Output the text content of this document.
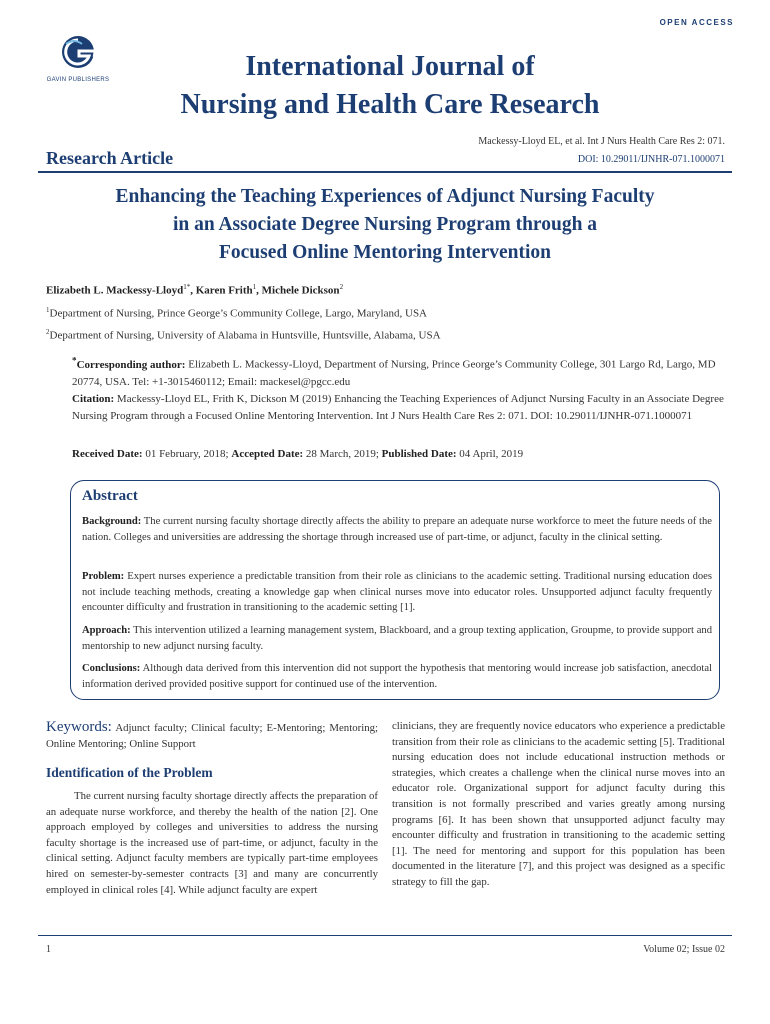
OPEN ACCESS
GAVIN PUBLISHERS	International Journal of
Nursing and Health Care Research
Mackessy-Lloyd EL, et al. Int J Nurs Health Care Res 2: 071.
Research Article	DOI: 10.29011/IJNHR-071.1000071
Enhancing the Teaching Experiences of Adjunct Nursing Faculty
in an Associate Degree Nursing Program through a
Focused Online Mentoring Intervention
Elizabeth L. Mackessy-Lloyd$^{1*}$, Karen Frith$^1$, Michele Dickson$^2$
$^1$Department of Nursing, Prince George’s Community College, Largo, Maryland, USA
$^2$Department of Nursing, University of Alabama in Huntsville, Huntsville, Alabama, USA
*Corresponding author: Elizabeth L. Mackessy-Lloyd, Department of Nursing, Prince George’s Community College, 301 Largo Rd, Largo, MD 20774, USA. Tel: +1-3015460112; Email: mackesel@pgcc.edu
Citation: Mackessy-Lloyd EL, Frith K, Dickson M (2019) Enhancing the Teaching Experiences of Adjunct Nursing Faculty in an Associate Degree Nursing Program through a Focused Online Mentoring Intervention. Int J Nurs Health Care Res 2: 071. DOI: 10.29011/IJNHR-071.1000071
Received Date: 01 February, 2018; Accepted Date: 28 March, 2019; Published Date: 04 April, 2019
Abstract
Background: The current nursing faculty shortage directly affects the ability to prepare an adequate nurse workforce to meet the future needs of the nation. Colleges and universities are addressing the shortage through increased use of part-time, or adjunct, faculty in the clinical setting.
Problem: Expert nurses experience a predictable transition from their role as clinicians to the academic setting. Traditional nursing education does not include teaching methods, creating a knowledge gap when clinical nurses move into educator roles. Unsupported adjunct faculty frequently encounter difficulty and frustration in transitioning to the academic setting [1].
Approach: This intervention utilized a learning management system, Blackboard, and a group texting application, Groupme, to provide support and mentorship to new adjunct nursing faculty.
Conclusions: Although data derived from this intervention did not support the hypothesis that mentoring would increase job satisfaction, anecdotal information derived provided positive support for continued use of the intervention.
Keywords: Adjunct faculty; Clinical faculty; E-Mentoring; Mentoring; Online Mentoring; Online Support
Identification of the Problem
The current nursing faculty shortage directly affects the preparation of an adequate nurse workforce, and thereby the health of the nation [2]. One approach employed by colleges and universities to address the nursing faculty shortage is the increased use of part-time, or adjunct, faculty in the clinical setting. Adjunct faculty members are typically part-time employees hired on semester-by-semester contracts [3] and many are concurrently employed in clinical roles [4]. While adjunct faculty are expert
clinicians, they are frequently novice educators who experience a predictable transition from their role as clinicians to the academic setting [5]. Traditional nursing education does not include educational instruction methods or strategies, which creates a challenge when the clinical nurse moves into an educator role. Organizational support for adjunct faculty during this transition is not formally prescribed and varies greatly among nursing programs [6]. It has been shown that unsupported adjunct faculty may encounter difficulty and frustration in transitioning to the academic setting [1]. The need for mentoring and support for this population has been documented in the literature [7], and this project was designed as a specific strategy to fill the gap.
1	Volume 02; Issue 02
